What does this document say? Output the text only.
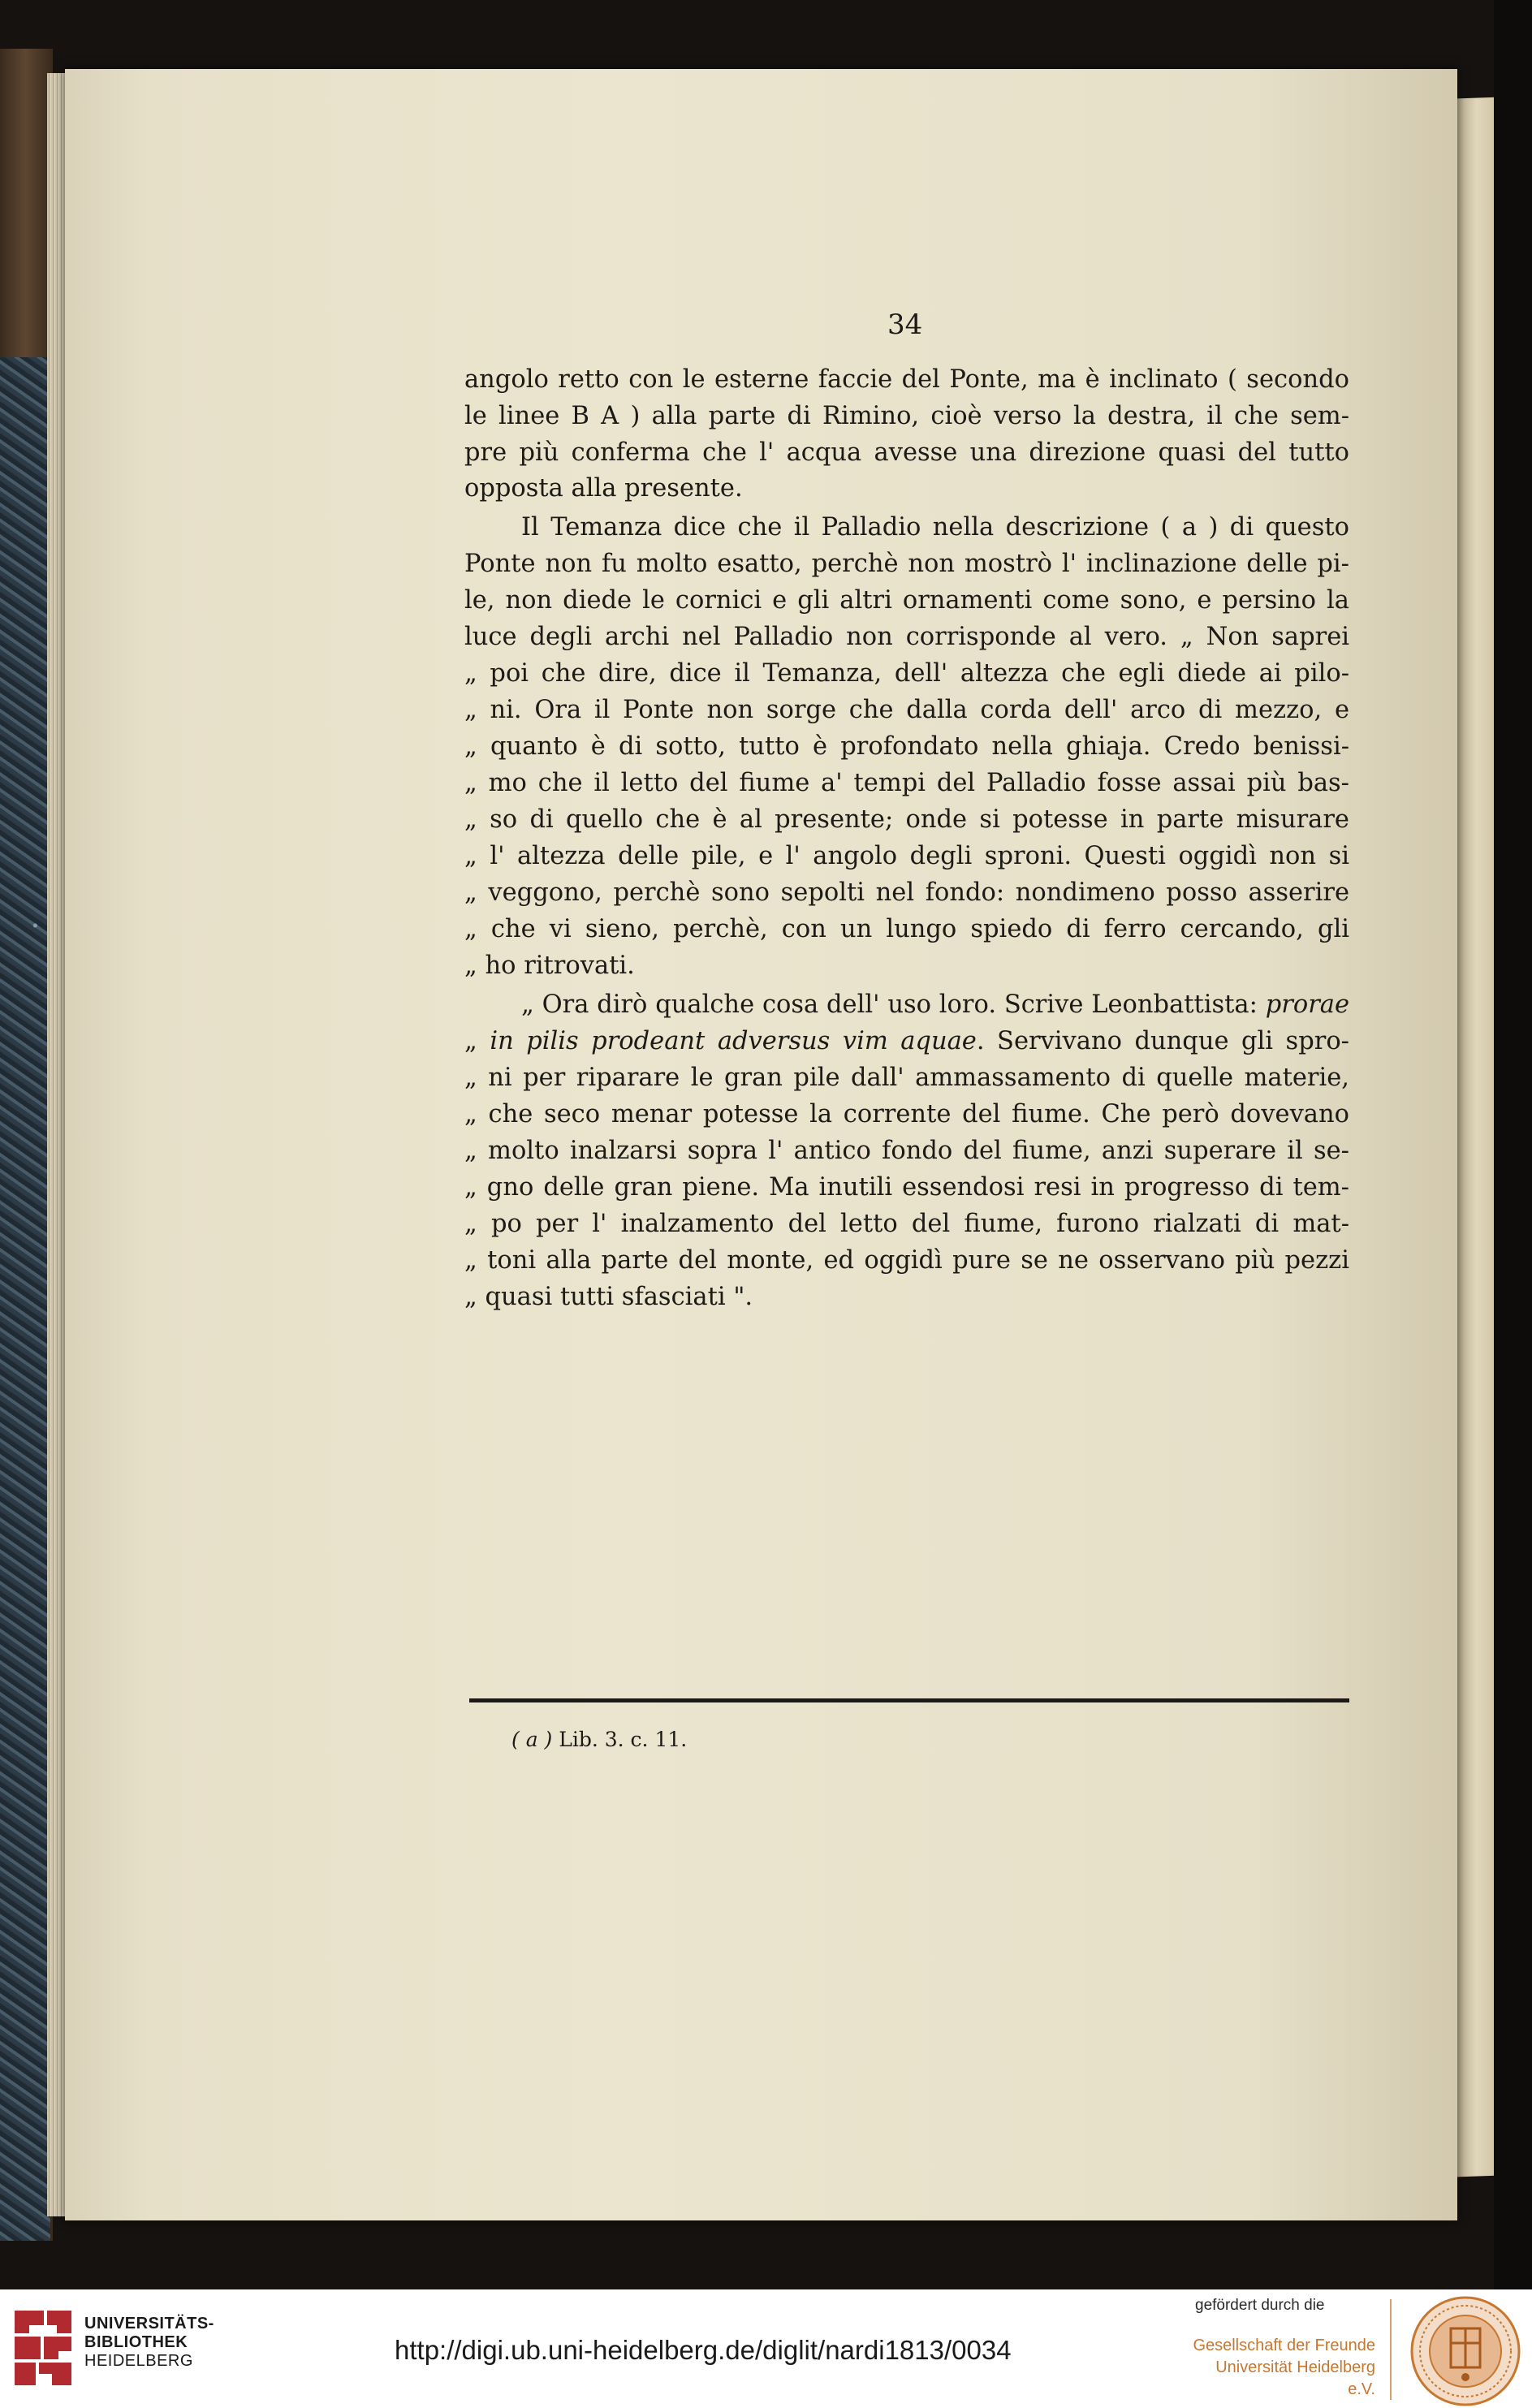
34
angolo retto con le esterne faccie del Ponte, ma è inclinato ( secondo
le linee B A ) alla parte di Rimino, cioè verso la destra, il che sem-
pre più conferma che l' acqua avesse una direzione quasi del tutto
opposta alla presente.
Il Temanza dice che il Palladio nella descrizione ( a ) di questo
Ponte non fu molto esatto, perchè non mostrò l' inclinazione delle pi-
le, non diede le cornici e gli altri ornamenti come sono, e persino la
luce degli archi nel Palladio non corrisponde al vero. „ Non saprei
„ poi che dire, dice il Temanza, dell' altezza che egli diede ai pilo-
„ ni. Ora il Ponte non sorge che dalla corda dell' arco di mezzo, e
„ quanto è di sotto, tutto è profondato nella ghiaja. Credo benissi-
„ mo che il letto del fiume a' tempi del Palladio fosse assai più bas-
„ so di quello che è al presente; onde si potesse in parte misurare
„ l' altezza delle pile, e l' angolo degli sproni. Questi oggidì non si
„ veggono, perchè sono sepolti nel fondo: nondimeno posso asserire
„ che vi sieno, perchè, con un lungo spiedo di ferro cercando, gli
„ ho ritrovati.
„ Ora dirò qualche cosa dell' uso loro. Scrive Leonbattista: prorae
„ in pilis prodeant adversus vim aquae. Servivano dunque gli spro-
„ ni per riparare le gran pile dall' ammassamento di quelle materie,
„ che seco menar potesse la corrente del fiume. Che però dovevano
„ molto inalzarsi sopra l' antico fondo del fiume, anzi superare il se-
„ gno delle gran piene. Ma inutili essendosi resi in progresso di tem-
„ po per l' inalzamento del letto del fiume, furono rialzati di mat-
„ toni alla parte del monte, ed oggidì pure se ne osservano più pezzi
„ quasi tutti sfasciati ".
( a ) Lib. 3. c. 11.
UNIVERSITÄTS-
BIBLIOTHEK
HEIDELBERG	http://digi.ub.uni-heidelberg.de/diglit/nardi1813/0034
gefördert durch die
Gesellschaft der Freunde
Universität Heidelberg e.V.
